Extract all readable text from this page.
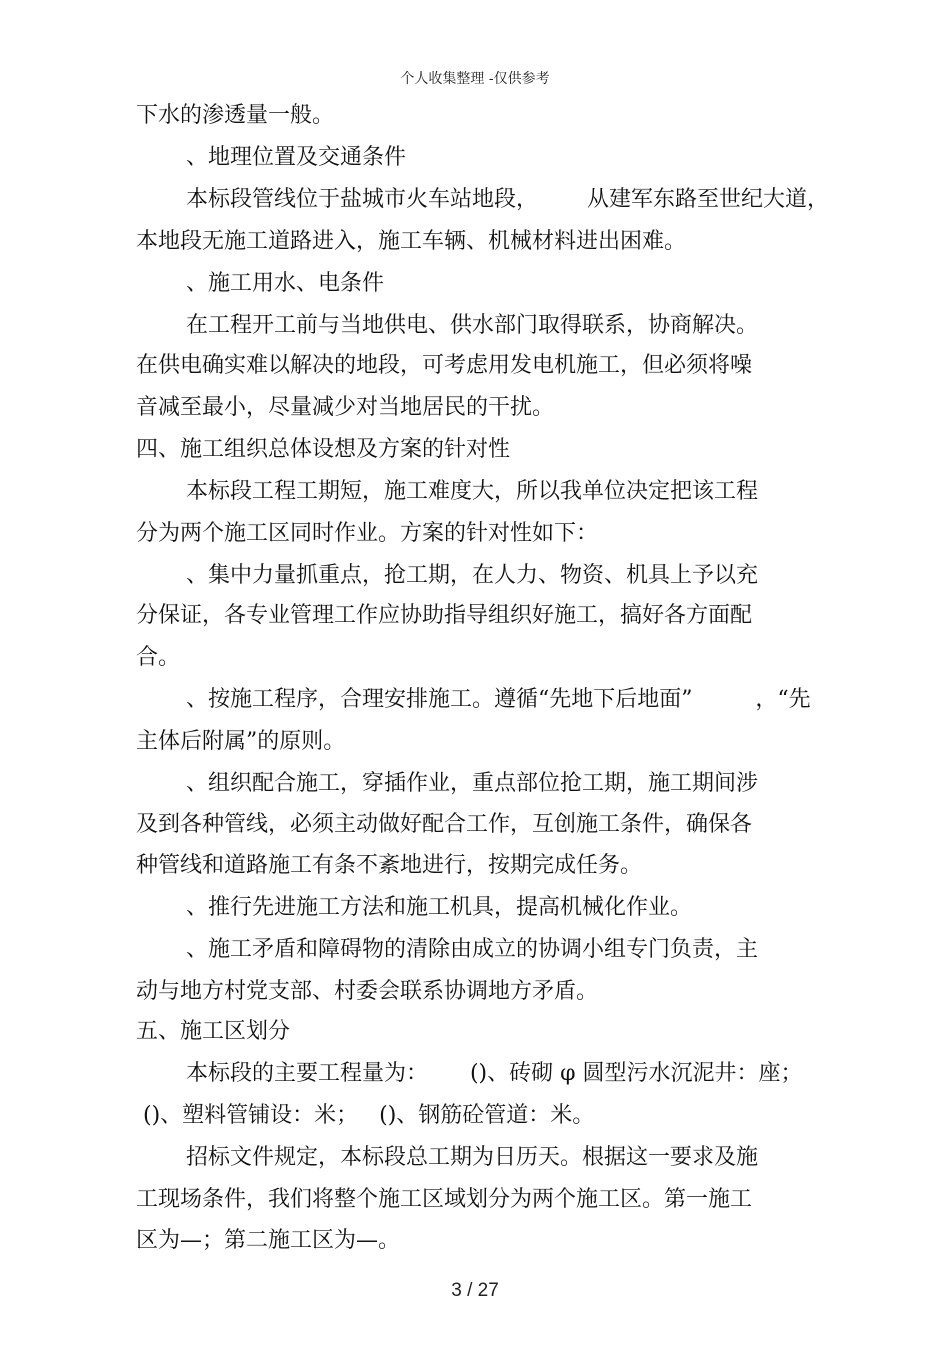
个人收集整理 -仅供参考
下水的渗透量一般。
、地理位置及交通条件
本标段管线位于盐城市火车站地段，       从建军东路至世纪大道，
本地段无施工道路进入，施工车辆、机械材料进出困难。
、施工用水、电条件
在工程开工前与当地供电、供水部门取得联系，协商解决。
在供电确实难以解决的地段，可考虑用发电机施工，但必须将噪
音减至最小，尽量减少对当地居民的干扰。
四、施工组织总体设想及方案的针对性
本标段工程工期短，施工难度大，所以我单位决定把该工程
分为两个施工区同时作业。方案的针对性如下：
、集中力量抓重点，抢工期，在人力、物资、机具上予以充
分保证，各专业管理工作应协助指导组织好施工，搞好各方面配
合。
、按施工程序，合理安排施工。遵循“先地下后地面”         ，“先
主体后附属”的原则。
、组织配合施工，穿插作业，重点部位抢工期，施工期间涉
及到各种管线，必须主动做好配合工作，互创施工条件，确保各
种管线和道路施工有条不紊地进行，按期完成任务。
、推行先进施工方法和施工机具，提高机械化作业。
、施工矛盾和障碍物的清除由成立的协调小组专门负责，主
动与地方村党支部、村委会联系协调地方矛盾。
五、施工区划分
本标段的主要工程量为：      ()、砖砌 φ 圆型污水沉泥井：座；
()、塑料管铺设：米；   ()、钢筋砼管道：米。
招标文件规定，本标段总工期为日历天。根据这一要求及施
工现场条件，我们将整个施工区域划分为两个施工区。第一施工
区为—；第二施工区为—。
3 / 27
